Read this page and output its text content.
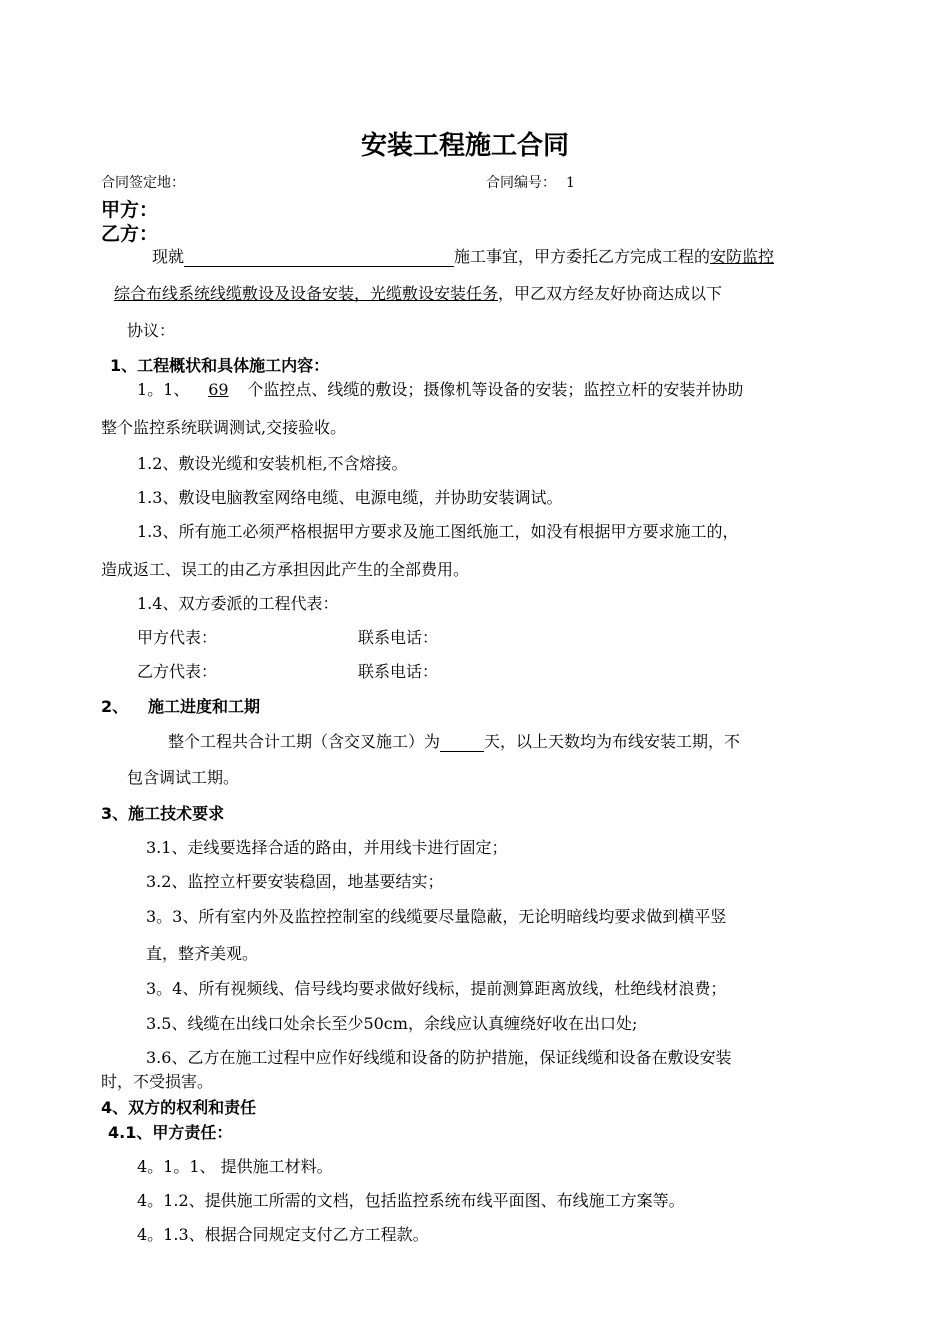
安装工程施工合同
合同签定地：	合同编号： 1
甲方：
乙方：
现就	施工事宜，甲方委托乙方完成工程的安防监控
综合布线系统线缆敷设及设备安装，光缆敷设安装任务，甲乙双方经友好协商达成以下
协议：
1、工程概状和具体施工内容：
1。1、 69 个监控点、线缆的敷设；摄像机等设备的安装；监控立杆的安装并协助
整个监控系统联调测试,交接验收。
1.2、敷设光缆和安装机柜,不含熔接。
1.3、敷设电脑教室网络电缆、电源电缆，并协助安装调试。
1.3、所有施工必须严格根据甲方要求及施工图纸施工，如没有根据甲方要求施工的，
造成返工、误工的由乙方承担因此产生的全部费用。
1.4、双方委派的工程代表：
甲方代表：	联系电话：
乙方代表：	联系电话：
2、 施工进度和工期
整个工程共合计工期（含交叉施工）为	天，以上天数均为布线安装工期，不
包含调试工期。
3、施工技术要求
3.1、走线要选择合适的路由，并用线卡进行固定；
3.2、监控立杆要安装稳固，地基要结实；
3。3、所有室内外及监控控制室的线缆要尽量隐蔽，无论明暗线均要求做到横平竖
直，整齐美观。
3。4、所有视频线、信号线均要求做好线标，提前测算距离放线，杜绝线材浪费；
3.5、线缆在出线口处余长至少50cm，余线应认真缠绕好收在出口处;
3.6、乙方在施工过程中应作好线缆和设备的防护措施，保证线缆和设备在敷设安装
时，不受损害。
4、双方的权利和责任
4.1、甲方责任：
4。1。1、 提供施工材料。
4。1.2、提供施工所需的文档，包括监控系统布线平面图、布线施工方案等。
4。1.3、根据合同规定支付乙方工程款。
